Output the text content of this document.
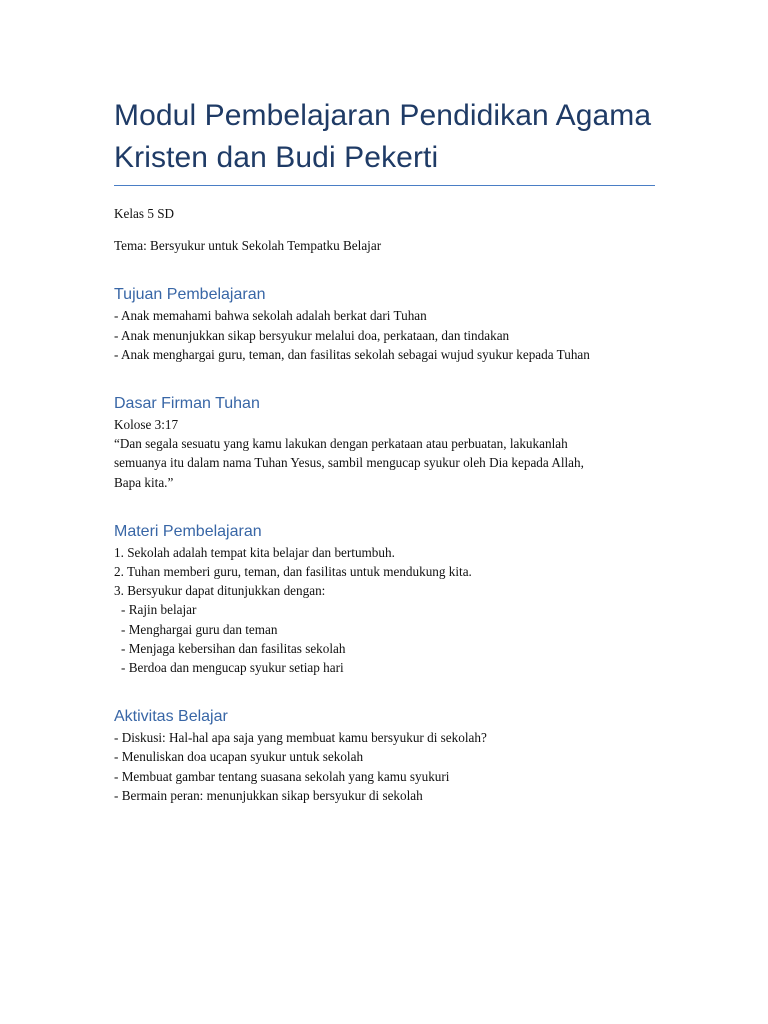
Modul Pembelajaran Pendidikan Agama
Kristen dan Budi Pekerti

Kelas 5 SD

Tema: Bersyukur untuk Sekolah Tempatku Belajar

Tujuan Pembelajaran

- Anak memahami bahwa sekolah adalah berkat dari Tuhan
- Anak menunjukkan sikap bersyukur melalui doa, perkataan, dan tindakan
- Anak menghargai guru, teman, dan fasilitas sekolah sebagai wujud syukur kepada Tuhan

Dasar Firman Tuhan

Kolose 3:17
“Dan segala sesuatu yang kamu lakukan dengan perkataan atau perbuatan, lakukanlah
semuanya itu dalam nama Tuhan Yesus, sambil mengucap syukur oleh Dia kepada Allah,
Bapa kita.”

Materi Pembelajaran

1. Sekolah adalah tempat kita belajar dan bertumbuh.
2. Tuhan memberi guru, teman, dan fasilitas untuk mendukung kita.
3. Bersyukur dapat ditunjukkan dengan:
- Rajin belajar
- Menghargai guru dan teman
- Menjaga kebersihan dan fasilitas sekolah
- Berdoa dan mengucap syukur setiap hari

Aktivitas Belajar

- Diskusi: Hal-hal apa saja yang membuat kamu bersyukur di sekolah?
- Menuliskan doa ucapan syukur untuk sekolah
- Membuat gambar tentang suasana sekolah yang kamu syukuri
- Bermain peran: menunjukkan sikap bersyukur di sekolah
